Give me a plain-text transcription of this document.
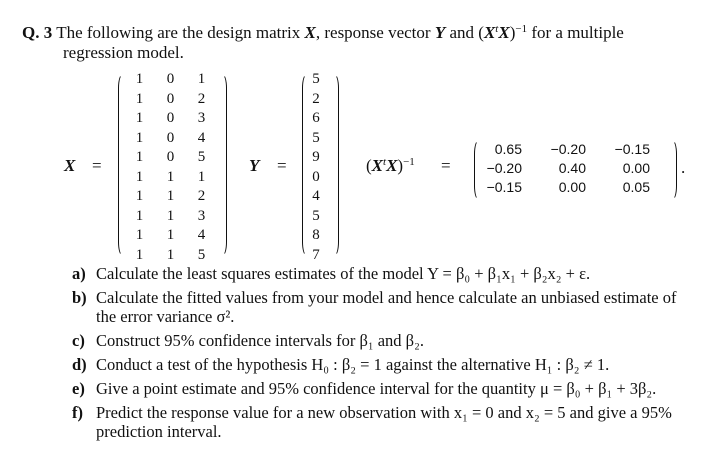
Q. 3 The following are the design matrix X, response vector Y and $(X^tX)^{-1}$ for a multiple
regression model.
X =
1	0	1
1	0	2
1	0	3
1	0	4
1	0	5
1	1	1
1	1	2
1	1	3
1	1	4
1	1	5
Y =
5
2
6
5
9
0
4
5
8
7
$(X^tX)^{-1}$ =
0.65	−0.20	−0.15
−0.20	0.40	0.00
−0.15	0.00	0.05
.
a) Calculate the least squares estimates of the model Y = β₀ + β₁x₁ + β₂x₂ + ε.
b) Calculate the fitted values from your model and hence calculate an unbiased estimate of the error variance σ².
c) Construct 95% confidence intervals for β₁ and β₂.
d) Conduct a test of the hypothesis H₀ : β₂ = 1 against the alternative H₁ : β₂ ≠ 1.
e) Give a point estimate and 95% confidence interval for the quantity μ = β₀ + β₁ + 3β₂.
f) Predict the response value for a new observation with x₁ = 0 and x₂ = 5 and give a 95% prediction interval.
